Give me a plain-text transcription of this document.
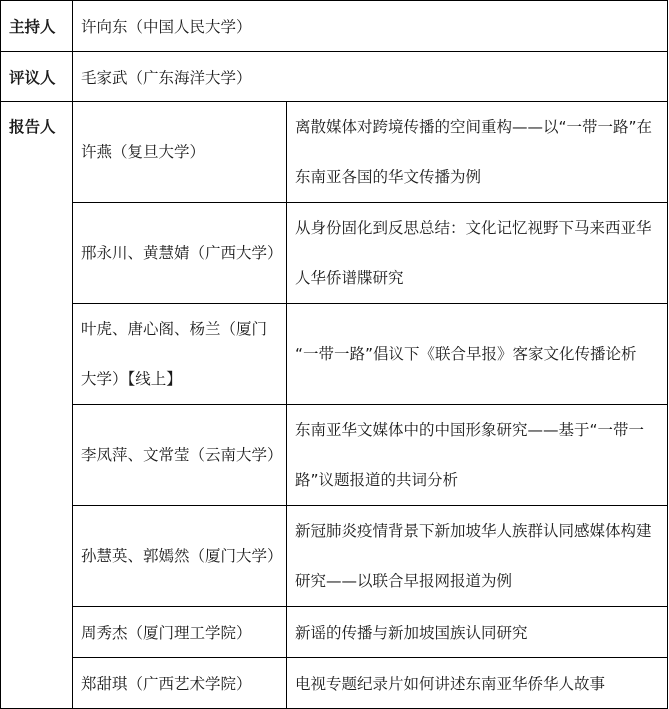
主持人	许向东（中国人民大学）	
评议人	毛家武（广东海洋大学）	
报告人	许燕（复旦大学）	离散媒体对跨境传播的空间重构——以“一带一路”在东南亚各国的华文传播为例
	邢永川、黄慧婧（广西大学）	从身份固化到反思总结：文化记忆视野下马来西亚华人华侨谱牒研究
	叶虎、唐心阁、杨兰（厦门大学）【线上】	“一带一路”倡议下《联合早报》客家文化传播论析
	李凤萍、文常莹（云南大学）	东南亚华文媒体中的中国形象研究——基于“一带一路”议题报道的共词分析
	孙慧英、郭嫣然（厦门大学）	新冠肺炎疫情背景下新加坡华人族群认同感媒体构建研究——以联合早报网报道为例
	周秀杰（厦门理工学院）	新谣的传播与新加坡国族认同研究
	郑甜琪（广西艺术学院）	电视专题纪录片如何讲述东南亚华侨华人故事
